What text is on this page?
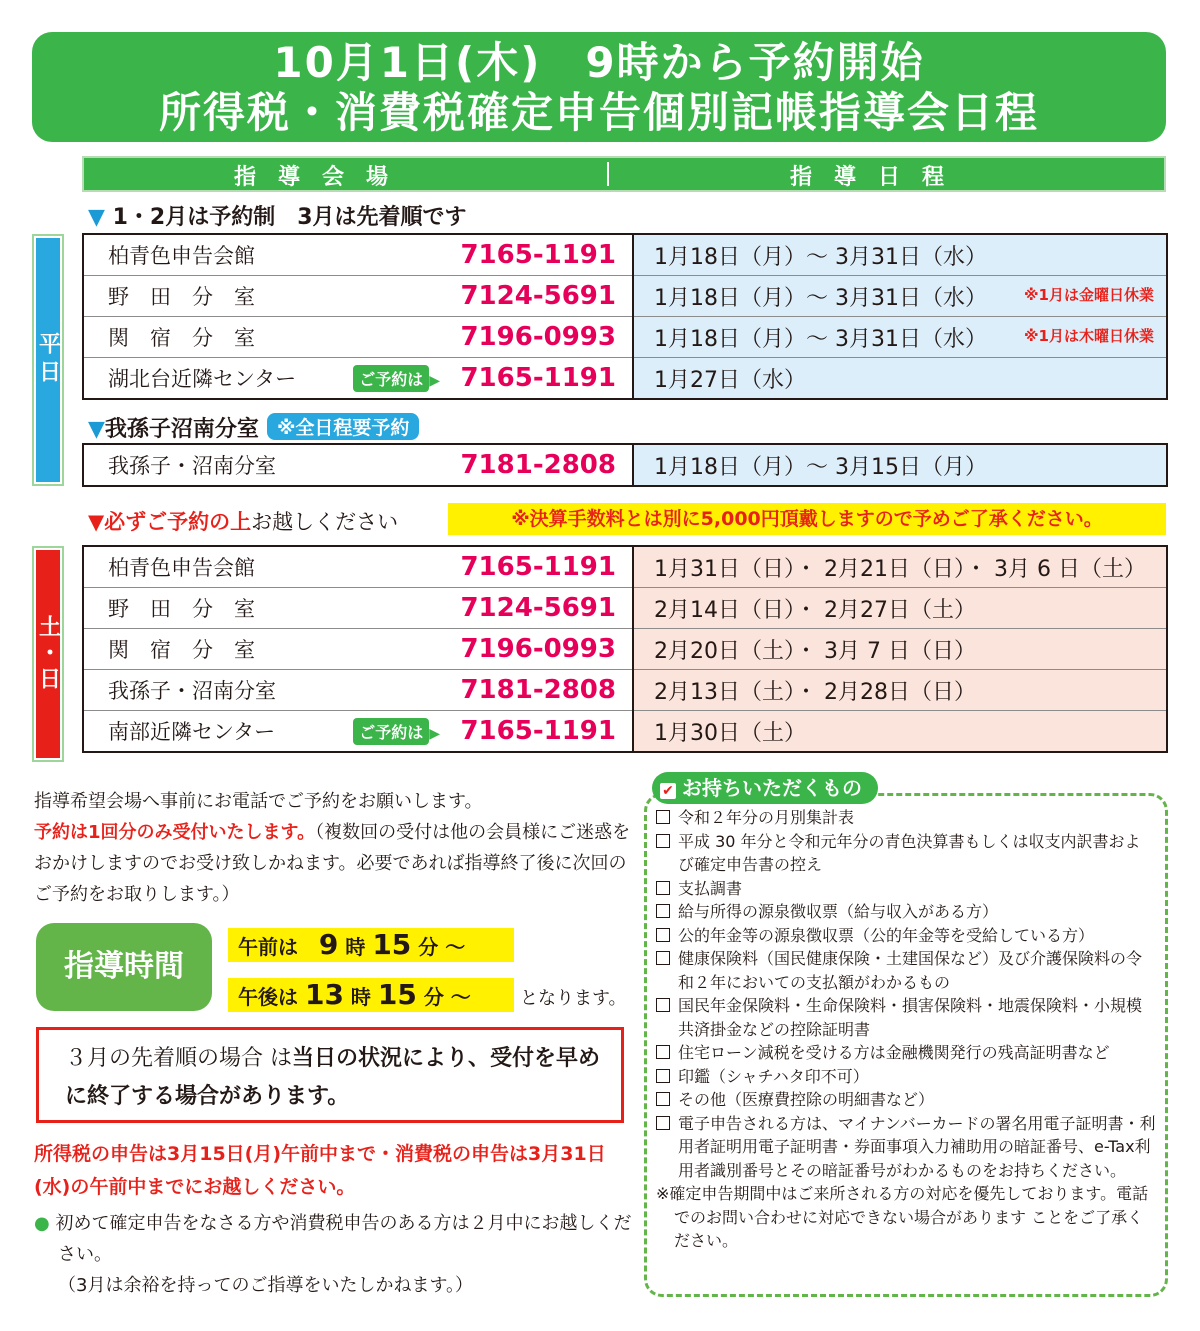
10月1日(木)　9時から予約開始
所得税・消費税確定申告個別記帳指導会日程
指導会場	指導日程
▼ 1・2月は予約制　3月は先着順です
平日
柏青色申告会館		7165-1191	1月18日（月）〜 3月31日（水）
野　田　分　室		7124-5691	1月18日（月）〜 3月31日（水） ※1月は金曜日休業

関　宿　分　室		7196-0993	1月18日（月）〜 3月31日（水） ※1月は木曜日休業

湖北台近隣センター	ご予約は ▶	7165-1191	1月27日（水）
▼我孫子沼南分室 ※全日程要予約
我孫子・沼南分室		7181-2808	1月18日（月）〜 3月15日（月）
▼必ずご予約の上お越しください	※決算手数料とは別に5,000円頂戴しますので予めご了承ください。
土・日
柏青色申告会館		7165-1191	1月31日（日）・ 2月21日（日）・ 3月 6 日（土）
野　田　分　室		7124-5691	2月14日（日）・ 2月27日（土）
関　宿　分　室		7196-0993	2月20日（土）・ 3月 7 日（日）
我孫子・沼南分室		7181-2808	2月13日（土）・ 2月28日（日）
南部近隣センター	ご予約は ▶	7165-1191	1月30日（土）
指導希望会場へ事前にお電話でご予約をお願いします。
予約は1回分のみ受付いたします。（複数回の受付は他の会員様にご迷惑をおかけしますのでお受け致しかねます。必要であれば指導終了後に次回のご予約をお取りします。）
指導時間
午前は 9 時 15 分 〜
午後は 13 時 15 分 〜	となります。
３月の先着順の場合 は当日の状況により、受付を早めに終了する場合があります。
所得税の申告は3月15日(月)午前中まで・消費税の申告は3月31日(水)の午前中までにお越しください。
● 初めて確定申告をなさる方や消費税申告のある方は２月中にお越しください。
（3月は余裕を持ってのご指導をいたしかねます。）
✔ お持ちいただくもの
令和２年分の月別集計表
平成 30 年分と令和元年分の青色決算書もしくは収支内訳書および確定申告書の控え
支払調書
給与所得の源泉徴収票（給与収入がある方）
公的年金等の源泉徴収票（公的年金等を受給している方）
健康保険料（国民健康保険・土建国保など）及び介護保険料の令和２年においての支払額がわかるもの
国民年金保険料・生命保険料・損害保険料・地震保険料・小規模共済掛金などの控除証明書
住宅ローン減税を受ける方は金融機関発行の残高証明書など
印鑑（シャチハタ印不可）
その他（医療費控除の明細書など）
電子申告される方は、マイナンバーカードの署名用電子証明書・利用者証明用電子証明書・券面事項入力補助用の暗証番号、e-Tax利用者識別番号とその暗証番号がわかるものをお持ちください。
※確定申告期間中はご来所される方の対応を優先しております。電話でのお問い合わせに対応できない場合があります ことをご了承ください。
